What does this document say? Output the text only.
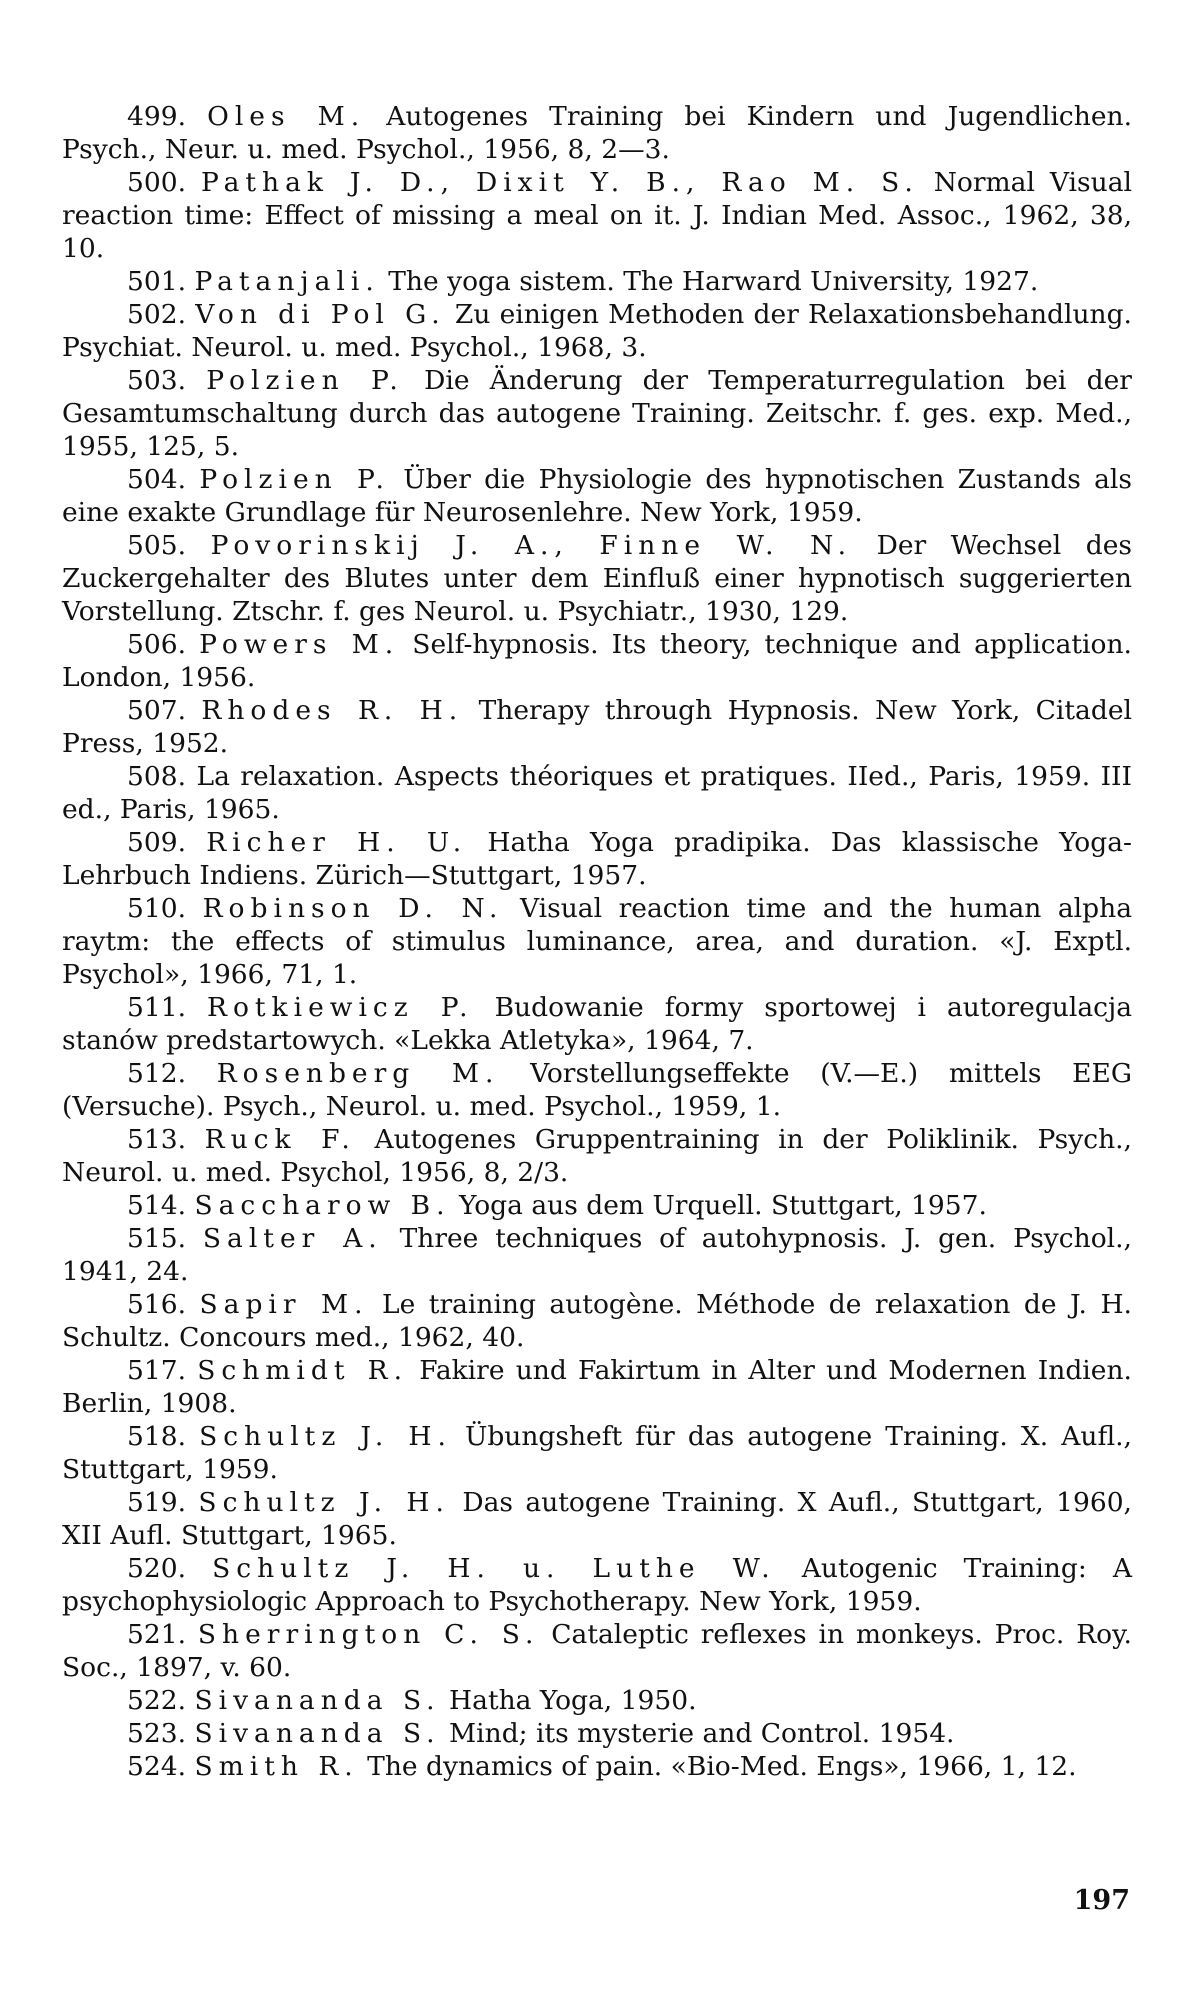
499. Oles M. Autogenes Training bei Kindern und Jugendlichen. Psych., Neur. u. med. Psychol., 1956, 8, 2—3.

500. Pathak J. D., Dixit Y. B., Rao M. S. Normal Visual reaction time: Effect of missing a meal on it. J. Indian Med. Assoc., 1962, 38, 10.

501. Patanjali. The yoga sistem. The Harward University, 1927.

502. Von di Pol G. Zu einigen Methoden der Relaxationsbehandlung. Psychiat. Neurol. u. med. Psychol., 1968, 3.

503. Polzien P. Die Änderung der Temperaturregulation bei der Gesamtumschaltung durch das autogene Training. Zeitschr. f. ges. exp. Med., 1955, 125, 5.

504. Polzien P. Über die Physiologie des hypnotischen Zustands als eine exakte Grundlage für Neurosenlehre. New York, 1959.

505. Povorinskij J. A., Finne W. N. Der Wechsel des Zuckergehalter des Blutes unter dem Einfluß einer hypnotisch suggerierten Vorstellung. Ztschr. f. ges Neurol. u. Psychiatr., 1930, 129.

506. Powers M. Self-hypnosis. Its theory, technique and application. London, 1956.

507. Rhodes R. H. Therapy through Hypnosis. New York, Citadel Press, 1952.

508. La relaxation. Aspects théoriques et pratiques. IIed., Paris, 1959. III ed., Paris, 1965.

509. Richer H. U. Hatha Yoga pradipika. Das klassische Yoga-Lehrbuch Indiens. Zürich—Stuttgart, 1957.

510. Robinson D. N. Visual reaction time and the human alpha raytm: the effects of stimulus luminance, area, and duration. «J. Exptl. Psychol», 1966, 71, 1.

511. Rotkiewicz P. Budowanie formy sportowej i autoregulacja stanów predstartowych. «Lekka Atletyka», 1964, 7.

512. Rosenberg M. Vorstellungseffekte (V.—E.) mittels EEG (Versuche). Psych., Neurol. u. med. Psychol., 1959, 1.

513. Ruck F. Autogenes Gruppentraining in der Poliklinik. Psych., Neurol. u. med. Psychol, 1956, 8, 2/3.

514. Saccharow B. Yoga aus dem Urquell. Stuttgart, 1957.

515. Salter A. Three techniques of autohypnosis. J. gen. Psychol., 1941, 24.

516. Sapir M. Le training autogène. Méthode de relaxation de J. H. Schultz. Concours med., 1962, 40.

517. Schmidt R. Fakire und Fakirtum in Alter und Modernen Indien. Berlin, 1908.

518. Schultz J. H. Übungsheft für das autogene Training. X. Aufl., Stuttgart, 1959.

519. Schultz J. H. Das autogene Training. X Aufl., Stuttgart, 1960, XII Aufl. Stuttgart, 1965.

520. Schultz J. H. u. Luthe W. Autogenic Training: A psychophysiologic Approach to Psychotherapy. New York, 1959.

521. Sherrington C. S. Cataleptic reflexes in monkeys. Proc. Roy. Soc., 1897, v. 60.

522. Sivananda S. Hatha Yoga, 1950.

523. Sivananda S. Mind; its mysterie and Control. 1954.

524. Smith R. The dynamics of pain. «Bio-Med. Engs», 1966, 1, 12.

197
